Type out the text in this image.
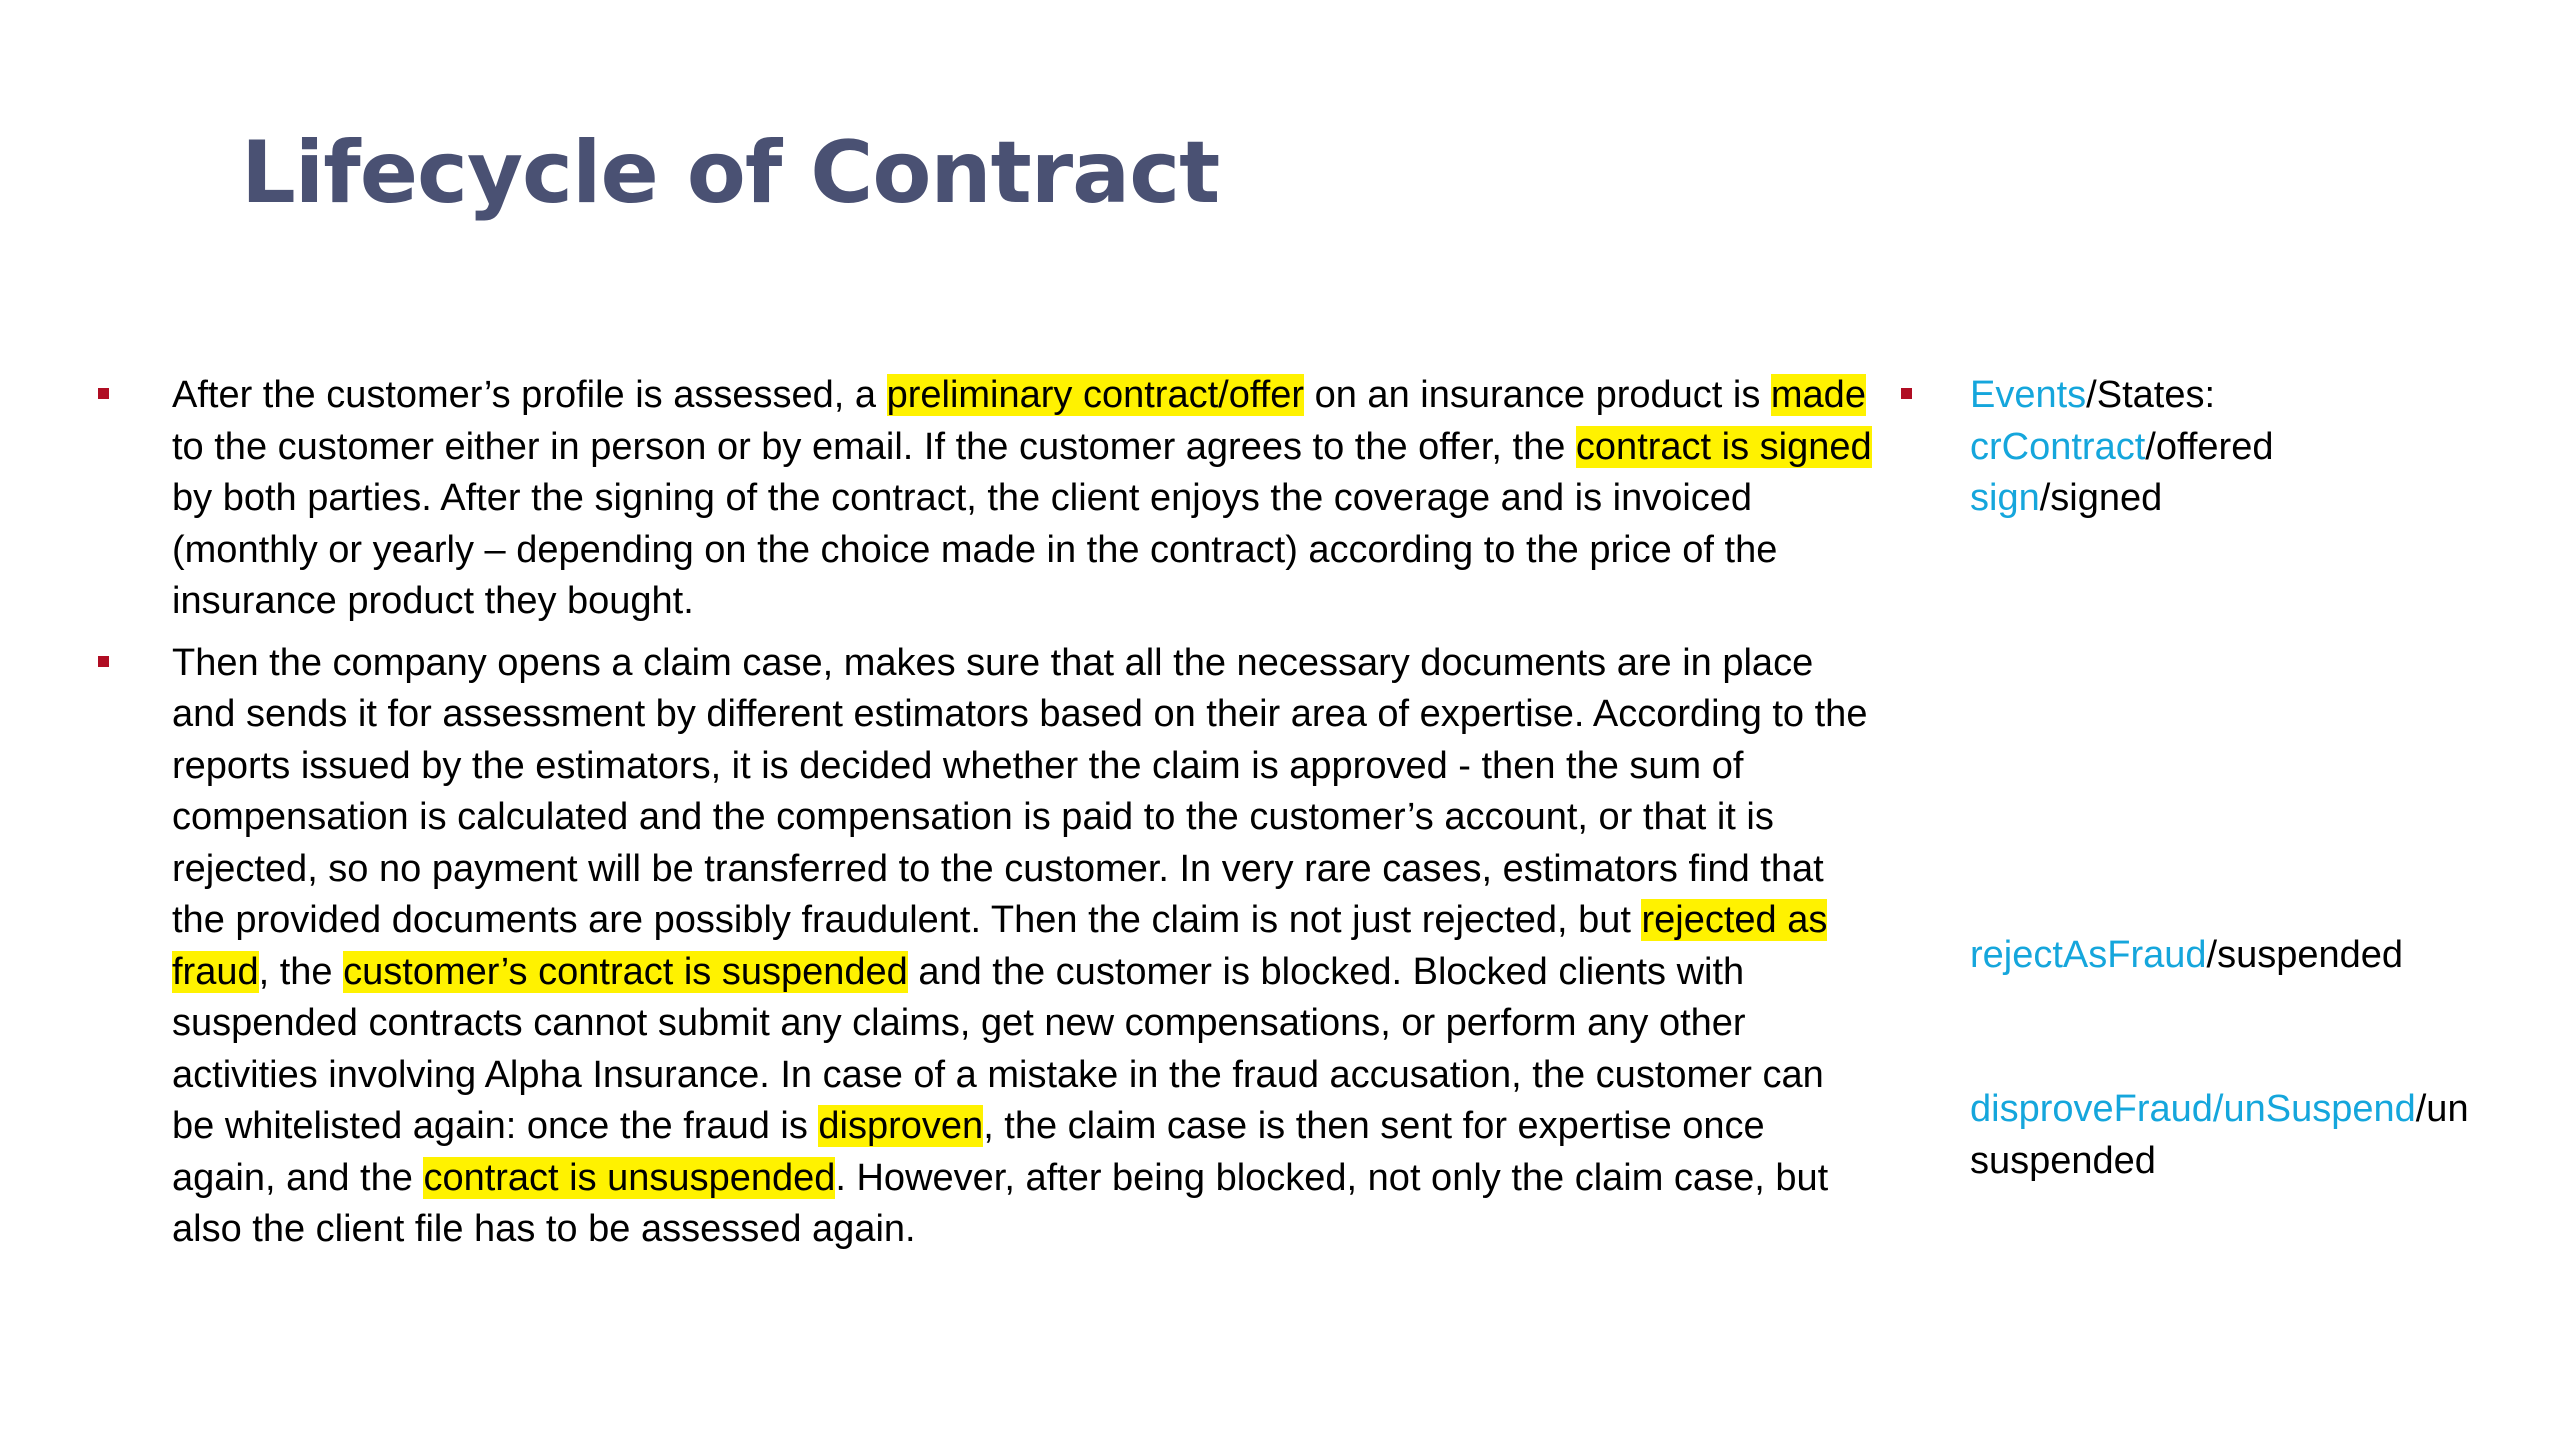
Lifecycle of Contract
After the customer’s profile is assessed, a preliminary contract/offer on an insurance product is made to the customer either in person or by email. If the customer agrees to the offer, the contract is signed by both parties. After the signing of the contract, the client enjoys the coverage and is invoiced (monthly or yearly – depending on the choice made in the contract) according to the price of the insurance product they bought.
Then the company opens a claim case, makes sure that all the necessary documents are in place and sends it for assessment by different estimators based on their area of expertise. According to the reports issued by the estimators, it is decided whether the claim is approved - then the sum of compensation is calculated and the compensation is paid to the customer’s account, or that it is rejected, so no payment will be transferred to the customer. In very rare cases, estimators find that the provided documents are possibly fraudulent. Then the claim is not just rejected, but rejected as fraud, the customer’s contract is suspended and the customer is blocked. Blocked clients with suspended contracts cannot submit any claims, get new compensations, or perform any other activities involving Alpha Insurance. In case of a mistake in the fraud accusation, the customer can be whitelisted again: once the fraud is disproven, the claim case is then sent for expertise once again, and the contract is unsuspended. However, after being blocked, not only the claim case, but also the client file has to be assessed again.
Events/States:
crContract/offered
sign/signed
rejectAsFraud/suspended
disproveFraud/unSuspend/un
suspended
